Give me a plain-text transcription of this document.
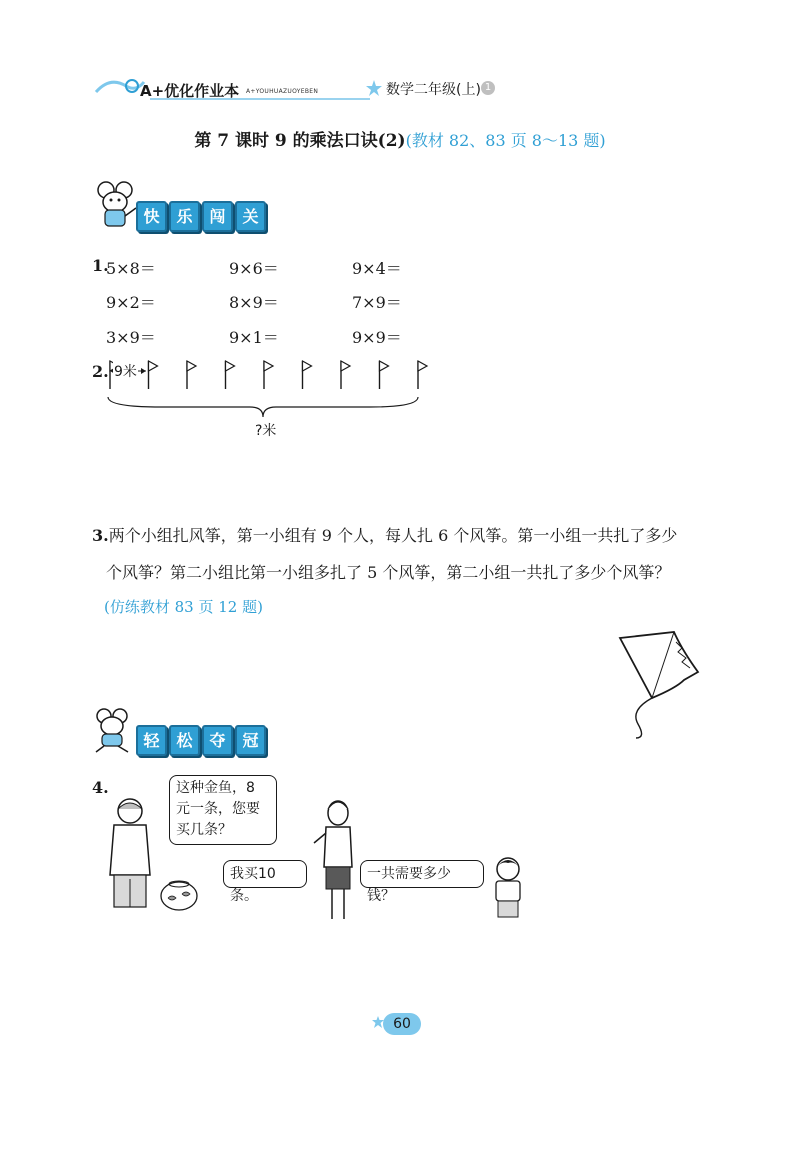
A+优化作业本 A+YOUHUAZUOYEBEN	数学二年级(上) 1
第 7 课时 9 的乘法口诀(2)(教材 82、83 页 8～13 题)
快	乐	闯	关
1.
5×8＝	9×6＝	9×4＝
9×2＝	8×9＝	7×9＝
3×9＝	9×1＝	9×9＝
2. 9米
?米
3.两个小组扎风筝，第一小组有 9 个人，每人扎 6 个风筝。第一小组一共扎了多少
个风筝？第二小组比第一小组多扎了 5 个风筝，第二小组一共扎了多少个风筝？
(仿练教材 83 页 12 题)
轻	松	夺	冠
4.	这种金鱼，8
元一条，您要
买几条？
我买10条。
一共需要多少钱？
60
